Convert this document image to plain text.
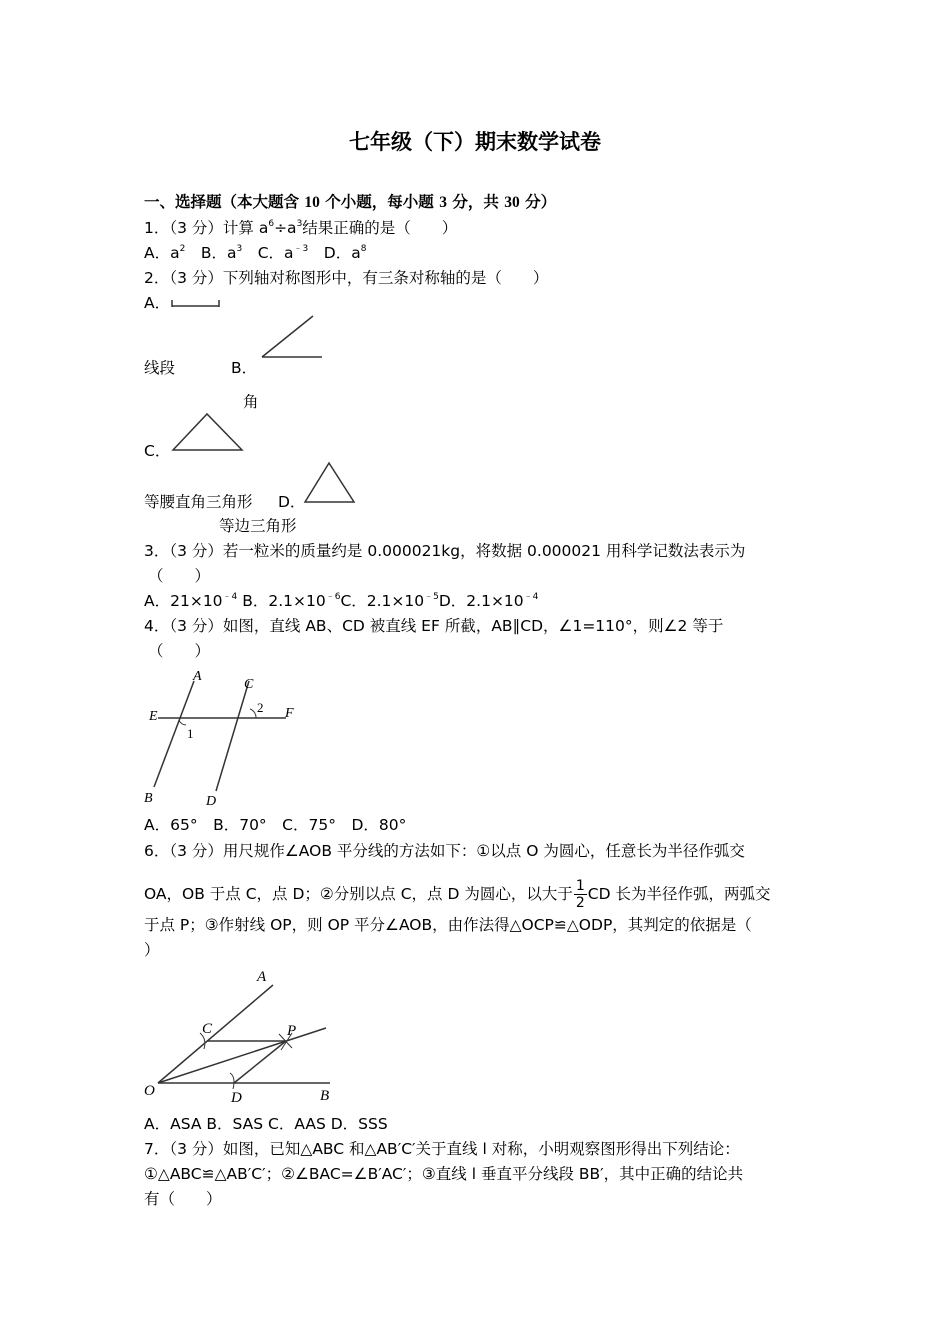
七年级（下）期末数学试卷
一、选择题（本大题含 10 个小题，每小题 3 分，共 30 分）
1．（3 分）计算 $a^6\div a^3$结果正确的是（　　）
A．$a^2$　B．$a^3$　C．$a^{﹣3}$　D．$a^8$
2．（3 分）下列轴对称图形中，有三条对称轴的是（　　）
A．
线段	B．
角
C．
等腰直角三角形 D．
等边三角形
3．（3 分）若一粒米的质量约是 0.000021kg，将数据 0.000021 用科学记数法表示为
（　　）
A．$21\times 10^{﹣4}$ B．$2.1\times 10^{﹣6}C$．$2.1\times 10^{﹣5}D$．$2.1\times 10^{﹣4}$
4．（3 分）如图，直线 AB、CD 被直线 EF 所截，AB∥CD，∠1=110°，则∠2 等于
（　　）
A
B
C
D
E	F
1
2
A．65°　B．70°　C．75°　D．80°
6．（3 分）用尺规作∠AOB 平分线的方法如下：①以点 O 为圆心，任意长为半径作弧交
OA，OB 于点 C，点 D；②分别以点 C，点 D 为圆心，以大于 $\frac{1}{2}$ CD 长为半径作弧，两弧交
于点 P；③作射线 OP，则 OP 平分∠AOB，由作法得△OCP≌△ODP，其判定的依据是（
）
A
B
C
D
O
P
A．ASA B．SAS C．AAS D．SSS
7．（3 分）如图，已知△ABC 和△AB′C′关于直线 l 对称，小明观察图形得出下列结论：
①△ABC≌△AB′C′；②∠BAC=∠B′AC′；③直线 l 垂直平分线段 BB′，其中正确的结论共
有（　　）
